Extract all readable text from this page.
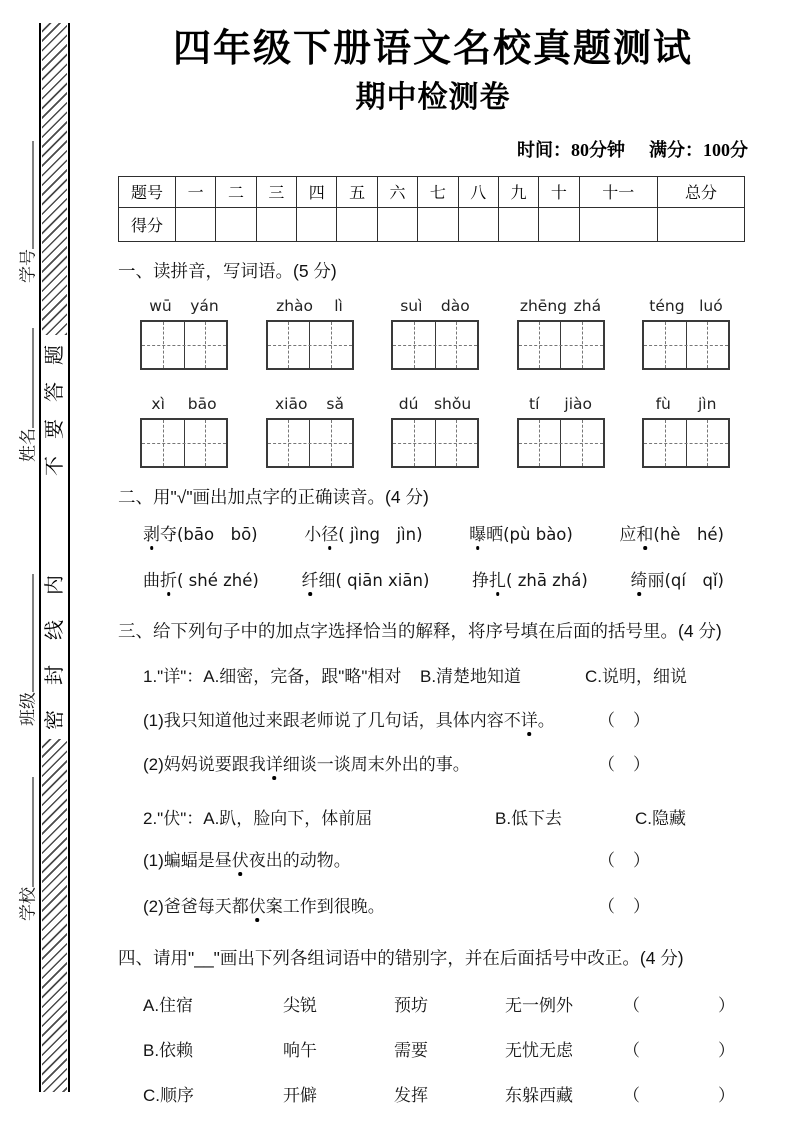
学号
姓名
班级
学校
题
答
要
不
内
线
封
密
四年级下册语文名校真题测试
期中检测卷
时间：80分钟 满分：100分
题号	一	二	三	四	五	六	七	八	九	十	十一	总分
得分												
一、读拼音，写词语。(5 分)
wū yán	zhào lì	suì dào	zhēng zhá	téng luó
xì bāo	xiāo sǎ	dú shǒu	tí jiào	fù jìn
二、用"√"画出加点字的正确读音。(4 分)
剥夺(bāo　bō)	小径( jìng　jìn)	曝晒(pù bào)	应和(hè　hé)
曲折( shé zhé)	纤细( qiān xiān)	挣扎( zhā zhá)	绮丽(qí　qǐ)
三、给下列句子中的加点字选择恰当的解释，将序号填在后面的括号里。(4 分)
1."详"：A.细密，完备，跟"略"相对 B.清楚地知道	C.说明，细说
(1)我只知道他过来跟老师说了几句话，具体内容不详。	（ ）
(2)妈妈说要跟我详细谈一谈周末外出的事。	（ ）
2."伏"：A.趴，脸向下，体前屈	B.低下去	C.隐藏
(1)蝙蝠是昼伏夜出的动物。	（ ）
(2)爸爸每天都伏案工作到很晚。	（ ）
四、请用"__"画出下列各组词语中的错别字，并在后面括号中改正。(4 分)
A.住宿	尖锐	预坊	无一例外	（	）
B.依赖	响午	需要	无忧无虑	（	）
C.顺序	开僻	发挥	东躲西藏	（	）
